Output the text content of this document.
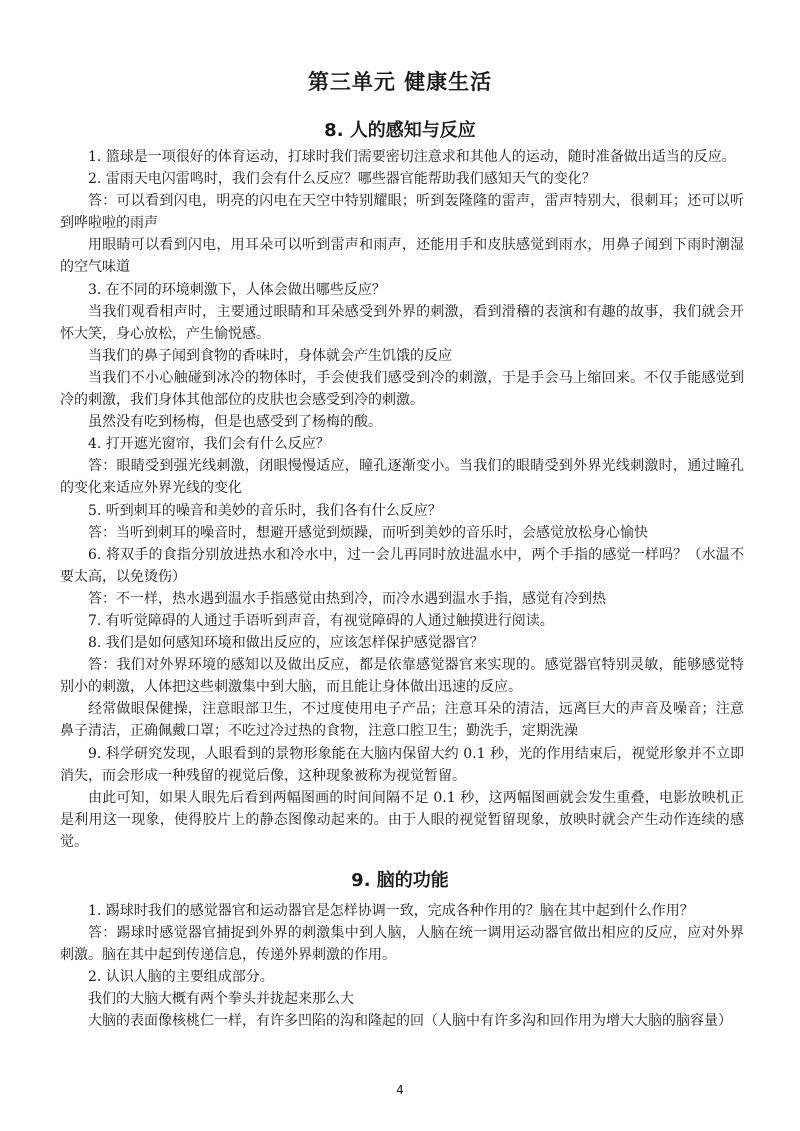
第三单元 健康生活
8. 人的感知与反应

1. 篮球是一项很好的体育运动，打球时我们需要密切注意求和其他人的运动，随时准备做出适当的反应。

2. 雷雨天电闪雷鸣时，我们会有什么反应？哪些器官能帮助我们感知天气的变化？

答：可以看到闪电，明亮的闪电在天空中特别耀眼；听到轰隆隆的雷声，雷声特别大，很刺耳；还可以听到哗啦啦的雨声

用眼睛可以看到闪电，用耳朵可以听到雷声和雨声，还能用手和皮肤感觉到雨水，用鼻子闻到下雨时潮湿的空气味道

3. 在不同的环境刺激下，人体会做出哪些反应？

当我们观看相声时，主要通过眼睛和耳朵感受到外界的刺激，看到滑稽的表演和有趣的故事，我们就会开怀大笑，身心放松，产生愉悦感。

当我们的鼻子闻到食物的香味时，身体就会产生饥饿的反应

当我们不小心触碰到冰冷的物体时，手会使我们感受到冷的刺激，于是手会马上缩回来。不仅手能感觉到冷的刺激，我们身体其他部位的皮肤也会感受到冷的刺激。

虽然没有吃到杨梅，但是也感受到了杨梅的酸。

4. 打开遮光窗帘，我们会有什么反应？

答：眼睛受到强光线刺激，闭眼慢慢适应，瞳孔逐渐变小。当我们的眼睛受到外界光线刺激时，通过瞳孔的变化来适应外界光线的变化

5. 听到刺耳的噪音和美妙的音乐时，我们各有什么反应？

答：当听到刺耳的噪音时，想避开感觉到烦躁，而听到美妙的音乐时，会感觉放松身心愉快

6. 将双手的食指分别放进热水和冷水中，过一会儿再同时放进温水中，两个手指的感觉一样吗？（水温不要太高，以免烫伤）

答：不一样，热水遇到温水手指感觉由热到冷，而冷水遇到温水手指，感觉有冷到热

7. 有听觉障碍的人通过手语听到声音，有视觉障碍的人通过触摸进行阅读。

8. 我们是如何感知环境和做出反应的，应该怎样保护感觉器官？

答：我们对外界环境的感知以及做出反应，都是依靠感觉器官来实现的。感觉器官特别灵敏，能够感觉特别小的刺激，人体把这些刺激集中到大脑，而且能让身体做出迅速的反应。

经常做眼保健操，注意眼部卫生，不过度使用电子产品；注意耳朵的清洁，远离巨大的声音及噪音；注意鼻子清洁，正确佩戴口罩；不吃过冷过热的食物，注意口腔卫生；勤洗手，定期洗澡

9. 科学研究发现，人眼看到的景物形象能在大脑内保留大约 0.1 秒，光的作用结束后，视觉形象并不立即消失，而会形成一种残留的视觉后像，这种现象被称为视觉暂留。

由此可知，如果人眼先后看到两幅图画的时间间隔不足 0.1 秒，这两幅图画就会发生重叠，电影放映机正是利用这一现象，使得胶片上的静态图像动起来的。由于人眼的视觉暂留现象，放映时就会产生动作连续的感觉。

9. 脑的功能

1. 踢球时我们的感觉器官和运动器官是怎样协调一致，完成各种作用的？脑在其中起到什么作用？

答：踢球时感觉器官捕捉到外界的刺激集中到人脑，人脑在统一调用运动器官做出相应的反应，应对外界刺激。脑在其中起到传递信息，传递外界刺激的作用。

2. 认识人脑的主要组成部分。

我们的大脑大概有两个拳头并拢起来那么大

大脑的表面像核桃仁一样，有许多凹陷的沟和隆起的回（人脑中有许多沟和回作用为增大大脑的脑容量）

4
